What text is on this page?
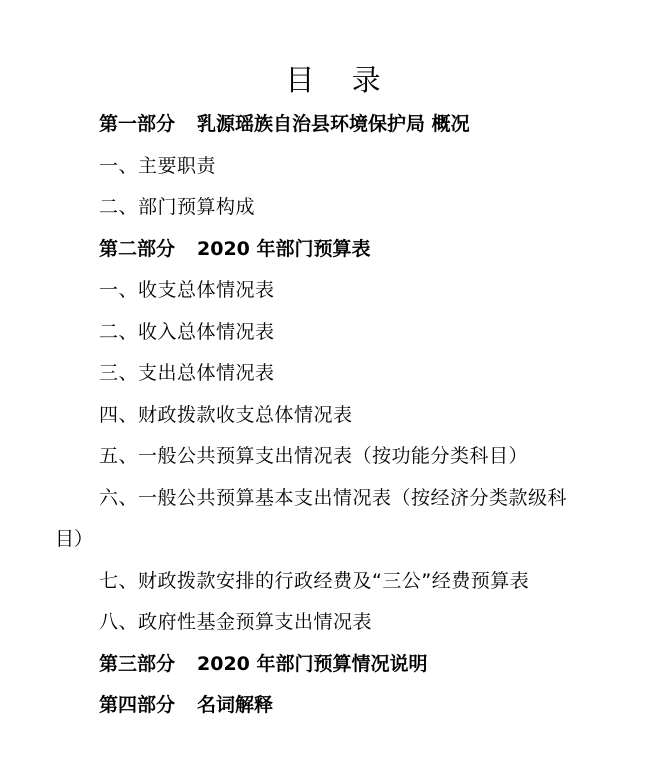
目 录
第一部分 乳源瑶族自治县环境保护局 概况
一、主要职责
二、部门预算构成
第二部分 2020 年部门预算表
一、收支总体情况表
二、收入总体情况表
三、支出总体情况表
四、财政拨款收支总体情况表
五、一般公共预算支出情况表（按功能分类科目）
六、一般公共预算基本支出情况表（按经济分类款级科
目）
七、财政拨款安排的行政经费及“三公”经费预算表
八、政府性基金预算支出情况表
第三部分 2020 年部门预算情况说明
第四部分 名词解释
